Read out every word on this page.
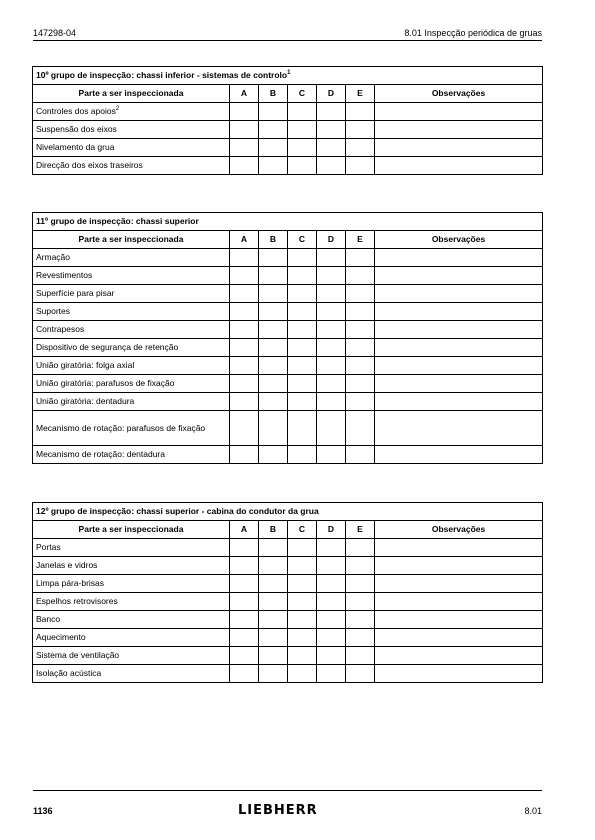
147298-04	8.01 Inspecção periódica de gruas
10º grupo de inspecção: chassi inferior - sistemas de controlo$^1$
Parte a ser inspeccionada	A	B	C	D	E	Observações
Controles dos apoios$^2$						
Suspensão dos eixos						
Nivelamento da grua						
Direcção dos eixos traseiros						
11º grupo de inspecção: chassi superior						
Parte a ser inspeccionada	A	B	C	D	E	Observações
Armação						
Revestimentos						
Superfície para pisar						
Suportes						
Contrapesos						
Dispositivo de segurança de retenção						
União giratória: folga axial						
União giratória: parafusos de fixação						
União giratória: dentadura						
Mecanismo de rotação: parafusos de fixação						
Mecanismo de rotação: dentadura						
12º grupo de inspecção: chassi superior - cabina do condutor da grua						
Parte a ser inspeccionada	A	B	C	D	E	Observações
Portas						
Janelas e vidros						
Limpa pára-brisas						
Espelhos retrovisores						
Banco						
Aquecimento						
Sistema de ventilação						
Isolação acústica						
1136	LIEBHERR	8.01
